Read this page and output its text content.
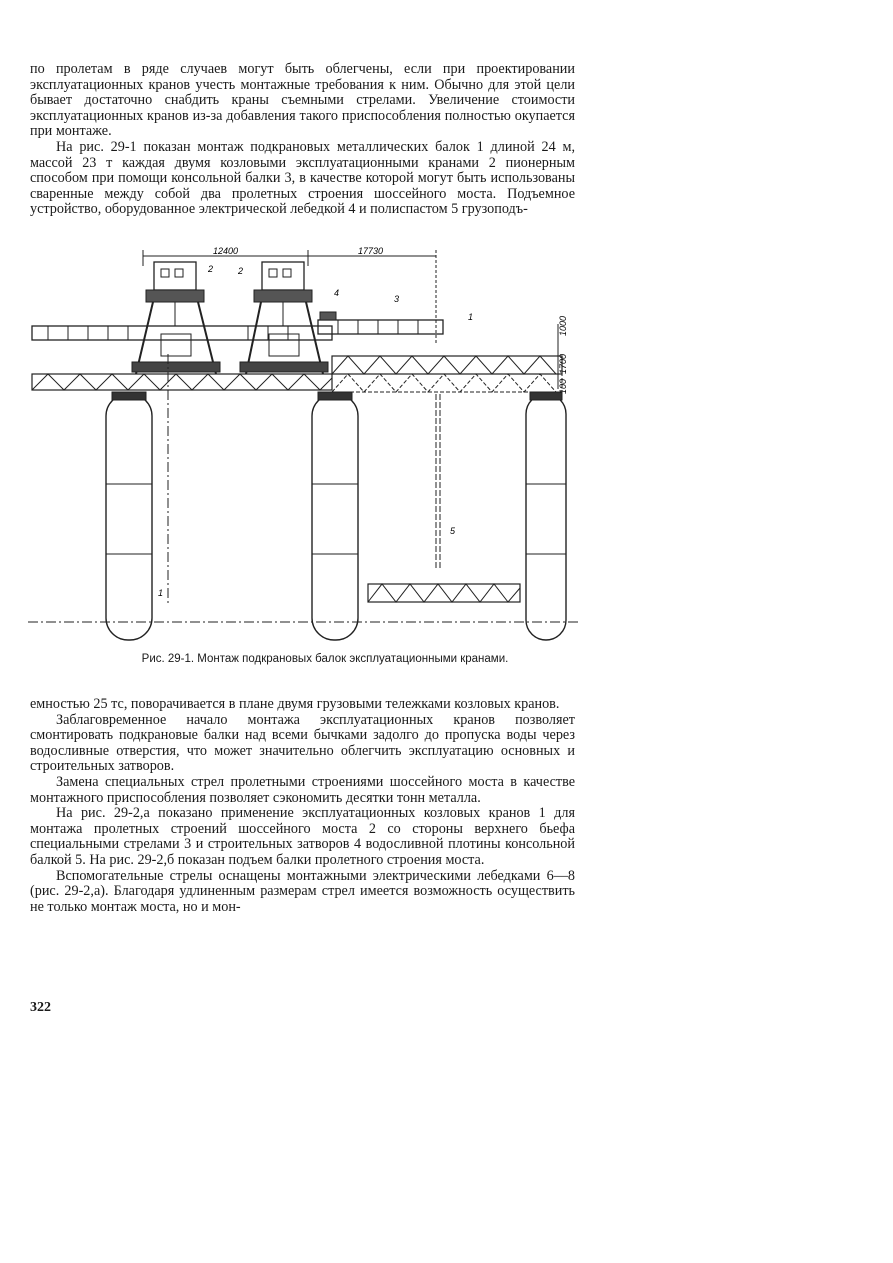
по пролетам в ряде случаев могут быть облегчены, если при проектировании эксплуатационных кранов учесть монтажные требования к ним. Обычно для этой цели бывает достаточно снабдить краны съемными стрелами. Увеличение стоимости эксплуатационных кранов из-за добавления такого приспособления полностью окупается при монтаже.

На рис. 29-1 показан монтаж подкрановых металлических балок 1 длиной 24 м, массой 23 т каждая двумя козловыми эксплуатационными кранами 2 пионерным способом при помощи консольной балки 3, в качестве которой могут быть использованы сваренные между собой два пролетных строения шоссейного моста. Подъемное устройство, оборудованное электрической лебедкой 4 и полиспастом 5 грузоподъ-

12400	17730
1000
1700
100
2	2
4
3
1
5
1
Рис. 29-1. Монтаж подкрановых балок эксплуатационными кранами.

емностью 25 тс, поворачивается в плане двумя грузовыми тележками козловых кранов.

Заблаговременное начало монтажа эксплуатационных кранов позволяет смонтировать подкрановые балки над всеми бычками задолго до пропуска воды через водосливные отверстия, что может значительно облегчить эксплуатацию основных и строительных затворов.

Замена специальных стрел пролетными строениями шоссейного моста в качестве монтажного приспособления позволяет сэкономить десятки тонн металла.

На рис. 29-2,а показано применение эксплуатационных козловых кранов 1 для монтажа пролетных строений шоссейного моста 2 со стороны верхнего бьефа специальными стрелами 3 и строительных затворов 4 водосливной плотины консольной балкой 5. На рис. 29-2,б показан подъем балки пролетного строения моста.

Вспомогательные стрелы оснащены монтажными электрическими лебедками 6—8 (рис. 29-2,а). Благодаря удлиненным размерам стрел имеется возможность осуществить не только монтаж моста, но и мон-

322
